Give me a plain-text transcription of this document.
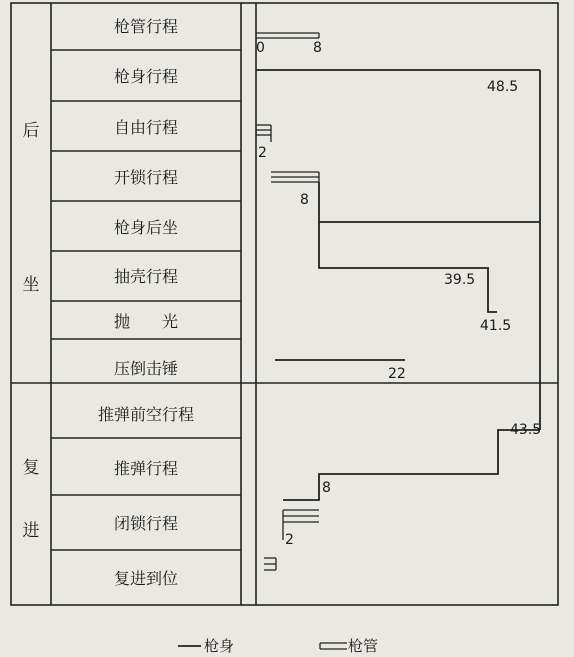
后
坐
复
进
枪管行程
枪身行程
自由行程
开锁行程
枪身后坐
抽壳行程
抛　　光
压倒击锤
推弹前空行程
推弹行程
闭锁行程
复进到位
0	8
48.5
2
8
39.5
41.5
22
43.5
8
2
枪身	枪管
